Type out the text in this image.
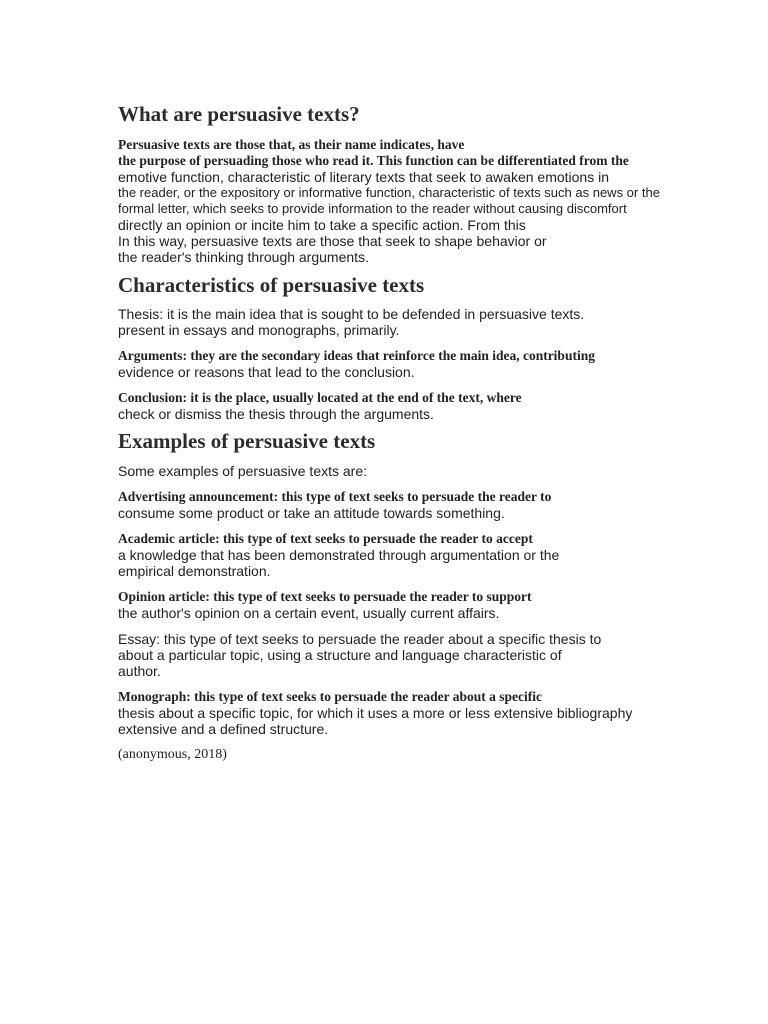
What are persuasive texts?
Persuasive texts are those that, as their name indicates, have
the purpose of persuading those who read it. This function can be differentiated from the
emotive function, characteristic of literary texts that seek to awaken emotions in
the reader, or the expository or informative function, characteristic of texts such as news or the
formal letter, which seeks to provide information to the reader without causing discomfort
directly an opinion or incite him to take a specific action. From this
In this way, persuasive texts are those that seek to shape behavior or
the reader's thinking through arguments.
Characteristics of persuasive texts
Thesis: it is the main idea that is sought to be defended in persuasive texts.
present in essays and monographs, primarily.
Arguments: they are the secondary ideas that reinforce the main idea, contributing
evidence or reasons that lead to the conclusion.
Conclusion: it is the place, usually located at the end of the text, where
check or dismiss the thesis through the arguments.
Examples of persuasive texts
Some examples of persuasive texts are:
Advertising announcement: this type of text seeks to persuade the reader to
consume some product or take an attitude towards something.
Academic article: this type of text seeks to persuade the reader to accept
a knowledge that has been demonstrated through argumentation or the
empirical demonstration.
Opinion article: this type of text seeks to persuade the reader to support
the author's opinion on a certain event, usually current affairs.
Essay: this type of text seeks to persuade the reader about a specific thesis to
about a particular topic, using a structure and language characteristic of
author.
Monograph: this type of text seeks to persuade the reader about a specific
thesis about a specific topic, for which it uses a more or less extensive bibliography
extensive and a defined structure.
(anonymous, 2018)
